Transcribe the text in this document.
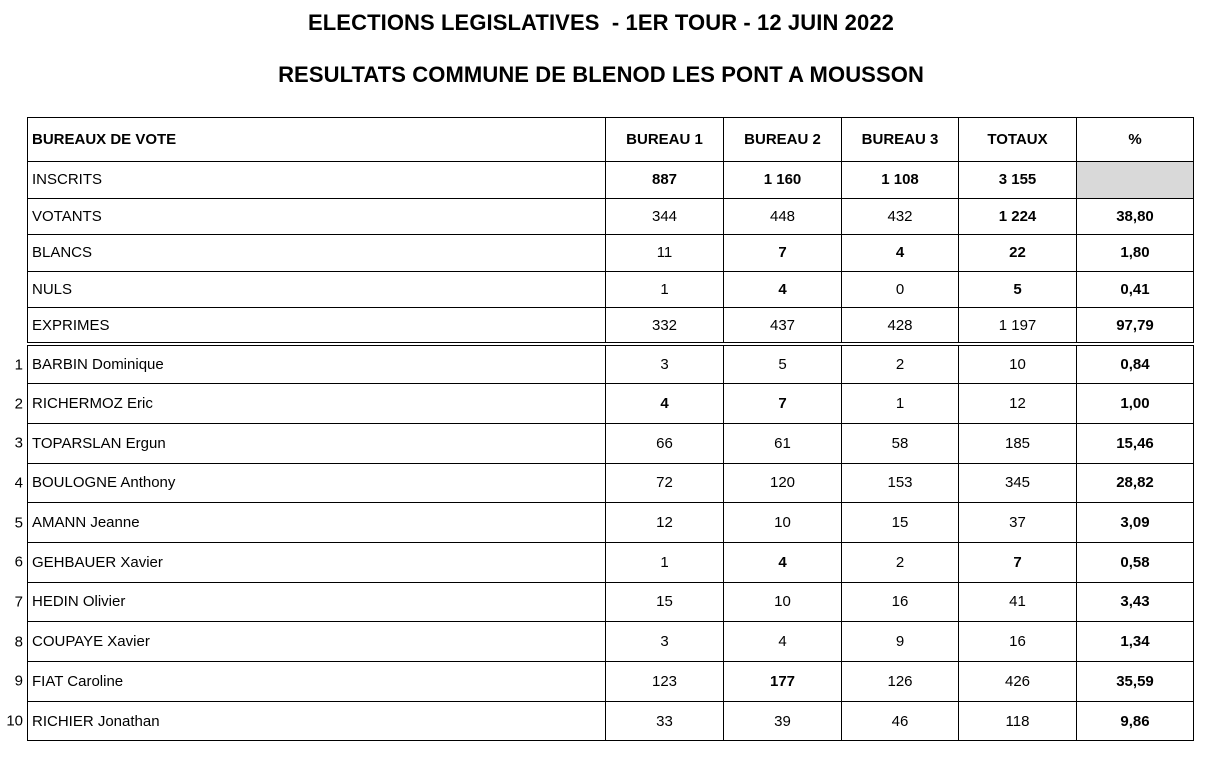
ELECTIONS LEGISLATIVES  - 1ER TOUR - 12 JUIN 2022
RESULTATS COMMUNE DE BLENOD LES PONT A MOUSSON
BUREAUX DE VOTE	BUREAU 1	BUREAU 2	BUREAU 3	TOTAUX	%
INSCRITS	887	1 160	1 108	3 155	
VOTANTS	344	448	432	1 224	38,80
BLANCS	11	7	4	22	1,80
NULS	1	4	0	5	0,41
EXPRIMES	332	437	428	1 197	97,79

1 BARBIN Dominique	3	5	2	10	0,84

2 RICHERMOZ Eric	4	7	1	12	1,00

3 TOPARSLAN Ergun	66	61	58	185	15,46

4 BOULOGNE Anthony	72	120	153	345	28,82

5 AMANN Jeanne	12	10	15	37	3,09

6 GEHBAUER Xavier	1	4	2	7	0,58

7 HEDIN Olivier	15	10	16	41	3,43

8 COUPAYE Xavier	3	4	9	16	1,34

9 FIAT Caroline	123	177	126	426	35,59

10 RICHIER Jonathan	33	39	46	118	9,86
